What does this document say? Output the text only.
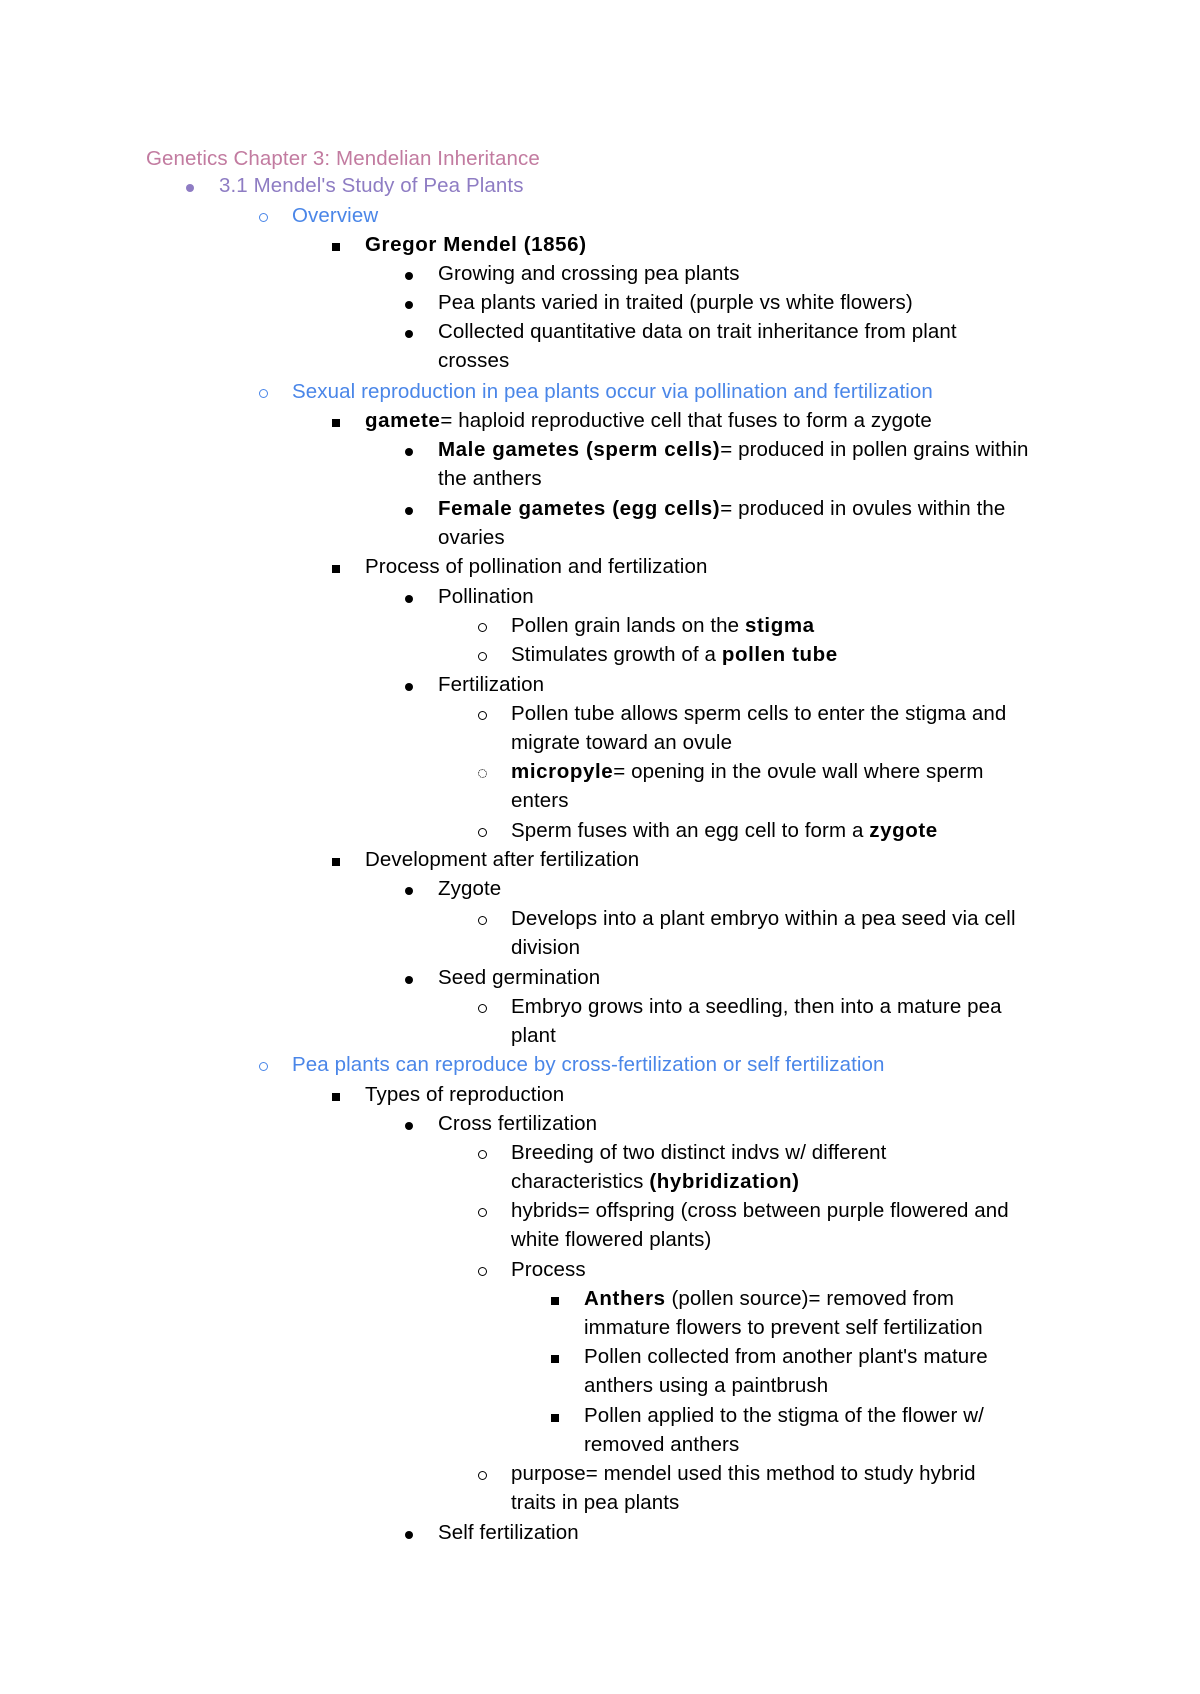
Genetics Chapter 3: Mendelian Inheritance
3.1 Mendel's Study of Pea Plants
Overview
Gregor Mendel (1856)
Growing and crossing pea plants
Pea plants varied in traited (purple vs white flowers)
Collected quantitative data on trait inheritance from plant
crosses
Sexual reproduction in pea plants occur via pollination and fertilization
gamete= haploid reproductive cell that fuses to form a zygote
Male gametes (sperm cells)= produced in pollen grains within
the anthers
Female gametes (egg cells)= produced in ovules within the
ovaries
Process of pollination and fertilization
Pollination
Pollen grain lands on the stigma
Stimulates growth of a pollen tube
Fertilization
Pollen tube allows sperm cells to enter the stigma and
migrate toward an ovule
micropyle= opening in the ovule wall where sperm
enters
Sperm fuses with an egg cell to form a zygote
Development after fertilization
Zygote
Develops into a plant embryo within a pea seed via cell
division
Seed germination
Embryo grows into a seedling, then into a mature pea
plant
Pea plants can reproduce by cross-fertilization or self fertilization
Types of reproduction
Cross fertilization
Breeding of two distinct indvs w/ different
characteristics (hybridization)
hybrids= offspring (cross between purple flowered and
white flowered plants)
Process
Anthers (pollen source)= removed from
immature flowers to prevent self fertilization
Pollen collected from another plant's mature
anthers using a paintbrush
Pollen applied to the stigma of the flower w/
removed anthers
purpose= mendel used this method to study hybrid
traits in pea plants
Self fertilization
